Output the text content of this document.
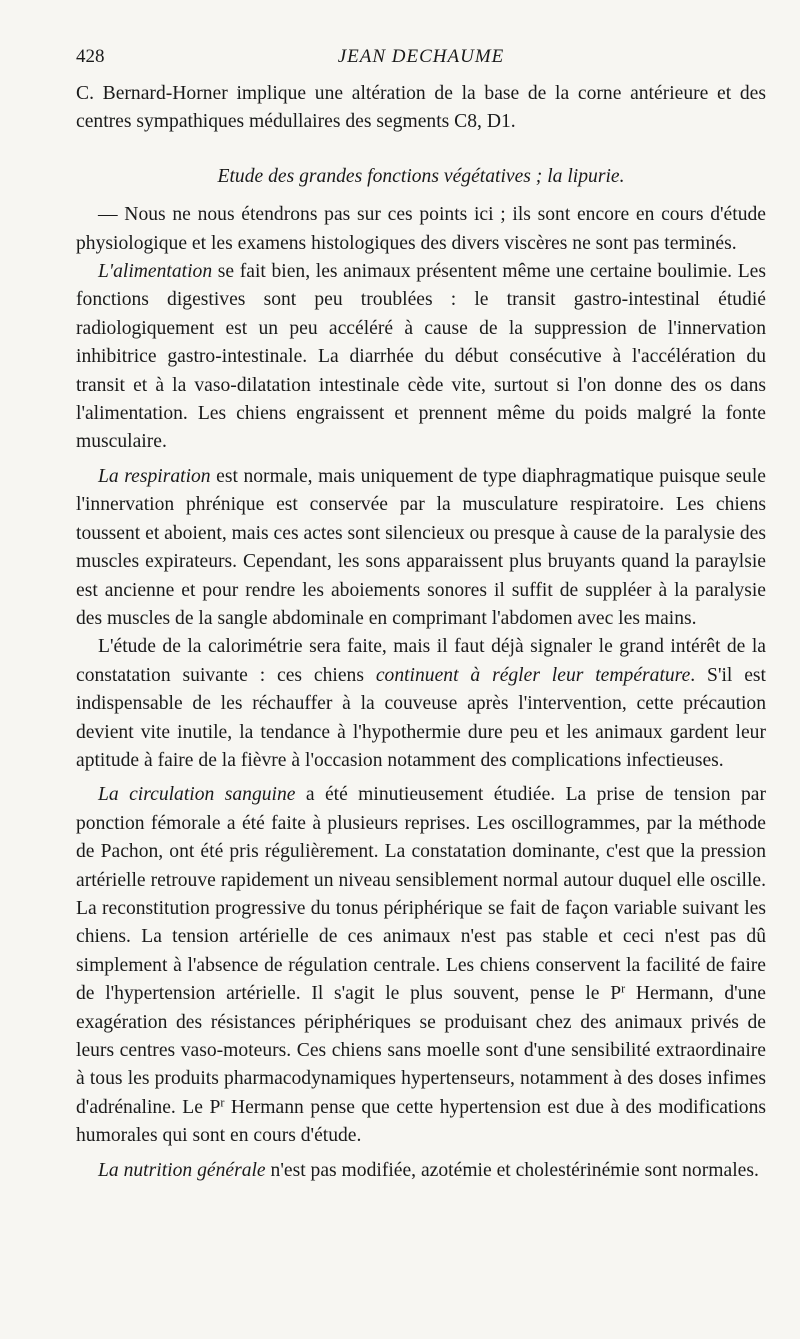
428	JEAN DECHAUME

C. Bernard-Horner implique une altération de la base de la corne antérieure et des centres sympathiques médullaires des segments C8, D1.

Etude des grandes fonctions végétatives ; la lipurie.

— Nous ne nous étendrons pas sur ces points ici ; ils sont encore en cours d'étude physiologique et les examens histologiques des divers viscères ne sont pas terminés.

L'alimentation se fait bien, les animaux présentent même une certaine boulimie. Les fonctions digestives sont peu troublées : le transit gastro-intestinal étudié radiologiquement est un peu accéléré à cause de la suppression de l'innervation inhibitrice gastro-intestinale. La diarrhée du début consécutive à l'accélération du transit et à la vaso-dilatation intestinale cède vite, surtout si l'on donne des os dans l'alimentation. Les chiens engraissent et prennent même du poids malgré la fonte musculaire.

La respiration est normale, mais uniquement de type diaphragmatique puisque seule l'innervation phrénique est conservée par la musculature respiratoire. Les chiens toussent et aboient, mais ces actes sont silencieux ou presque à cause de la paralysie des muscles expirateurs. Cependant, les sons apparaissent plus bruyants quand la paraylsie est ancienne et pour rendre les aboiements sonores il suffit de suppléer à la paralysie des muscles de la sangle abdominale en comprimant l'abdomen avec les mains.

L'étude de la calorimétrie sera faite, mais il faut déjà signaler le grand intérêt de la constatation suivante : ces chiens continuent à régler leur température. S'il est indispensable de les réchauffer à la couveuse après l'intervention, cette précaution devient vite inutile, la tendance à l'hypothermie dure peu et les animaux gardent leur aptitude à faire de la fièvre à l'occasion notamment des complications infectieuses.

La circulation sanguine a été minutieusement étudiée. La prise de tension par ponction fémorale a été faite à plusieurs reprises. Les oscillogrammes, par la méthode de Pachon, ont été pris régulièrement. La constatation dominante, c'est que la pression artérielle retrouve rapidement un niveau sensiblement normal autour duquel elle oscille. La reconstitution progressive du tonus périphérique se fait de façon variable suivant les chiens. La tension artérielle de ces animaux n'est pas stable et ceci n'est pas dû simplement à l'absence de régulation centrale. Les chiens conservent la facilité de faire de l'hypertension artérielle. Il s'agit le plus souvent, pense le $P^r$ Hermann, d'une exagération des résistances périphériques se produisant chez des animaux privés de leurs centres vaso-moteurs. Ces chiens sans moelle sont d'une sensibilité extraordinaire à tous les produits pharmacodynamiques hypertenseurs, notamment à des doses infimes d'adrénaline. Le $P^r$ Hermann pense que cette hypertension est due à des modifications humorales qui sont en cours d'étude.

La nutrition générale n'est pas modifiée, azotémie et cholestérinémie sont normales.
